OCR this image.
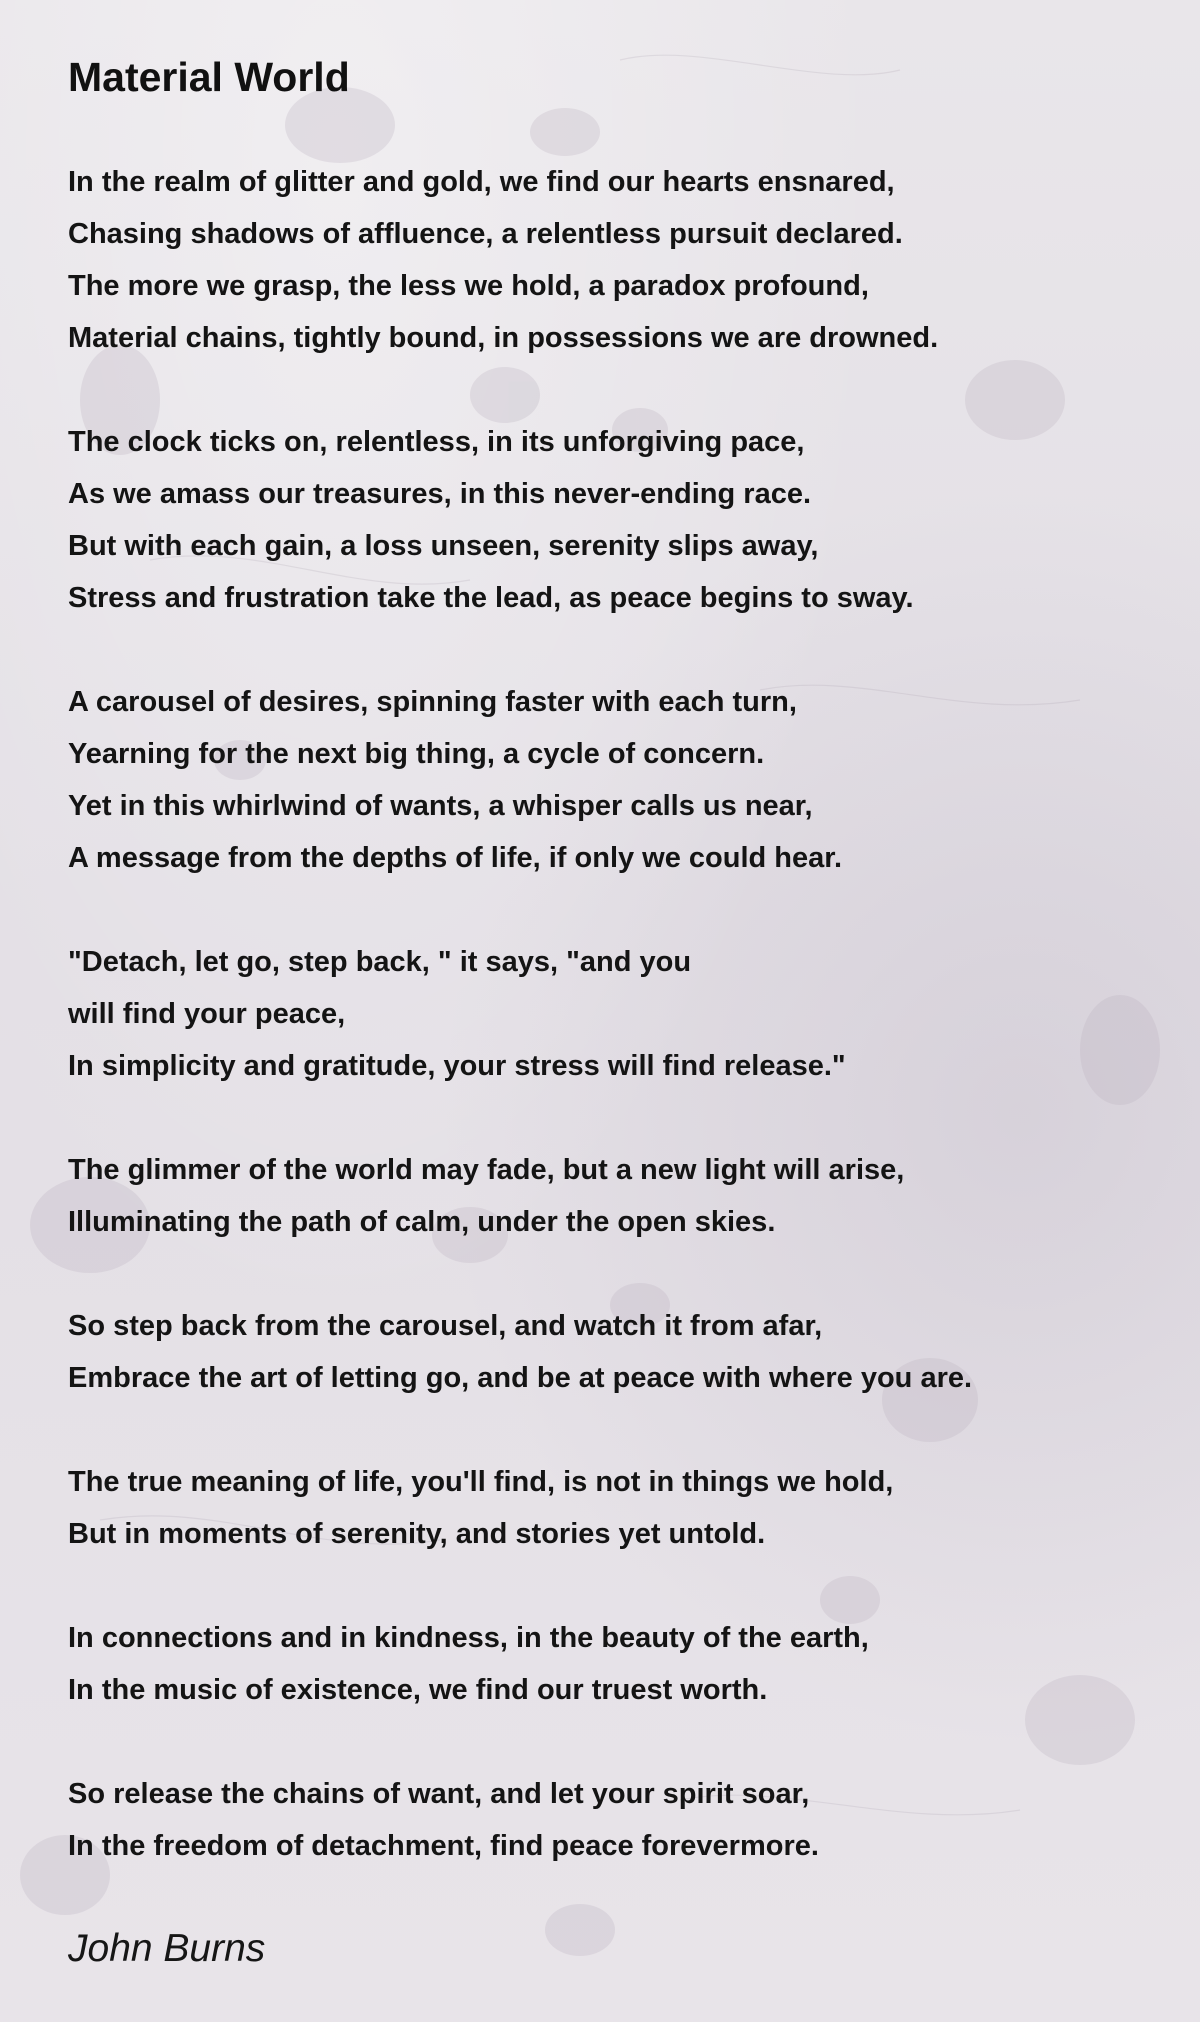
Material World
In the realm of glitter and gold, we find our hearts ensnared,
Chasing shadows of affluence, a relentless pursuit declared.
The more we grasp, the less we hold, a paradox profound,
Material chains, tightly bound, in possessions we are drowned.
The clock ticks on, relentless, in its unforgiving pace,
As we amass our treasures, in this never-ending race.
But with each gain, a loss unseen, serenity slips away,
Stress and frustration take the lead, as peace begins to sway.
A carousel of desires, spinning faster with each turn,
Yearning for the next big thing, a cycle of concern.
Yet in this whirlwind of wants, a whisper calls us near,
A message from the depths of life, if only we could hear.
"Detach, let go, step back, " it says, "and you
will find your peace,
In simplicity and gratitude, your stress will find release."
The glimmer of the world may fade, but a new light will arise,
Illuminating the path of calm, under the open skies.
So step back from the carousel, and watch it from afar,
Embrace the art of letting go, and be at peace with where you are.
The true meaning of life, you'll find, is not in things we hold,
But in moments of serenity, and stories yet untold.
In connections and in kindness, in the beauty of the earth,
In the music of existence, we find our truest worth.
So release the chains of want, and let your spirit soar,
In the freedom of detachment, find peace forevermore.
John Burns
